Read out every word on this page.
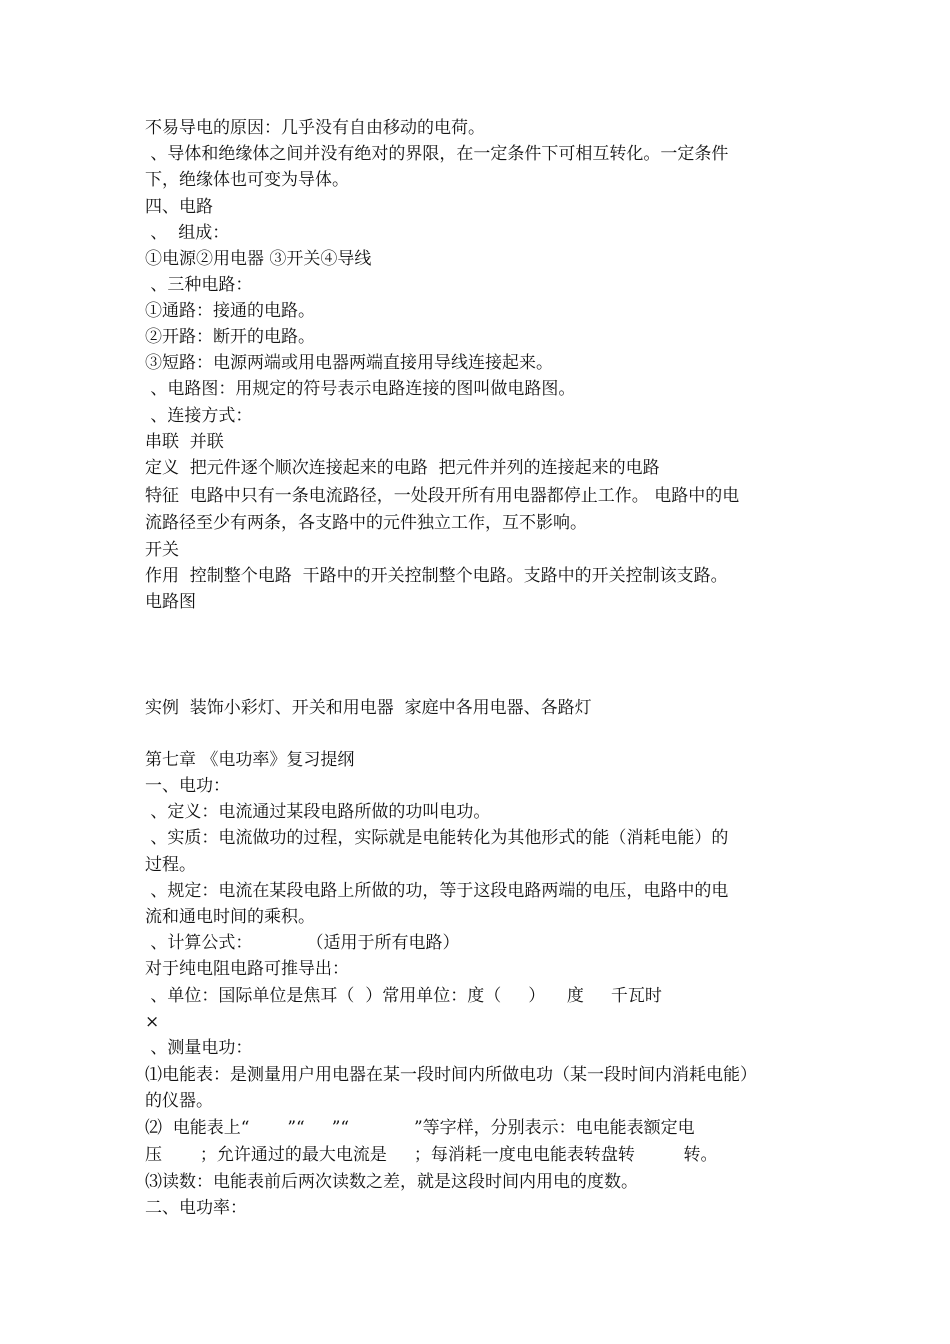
不易导电的原因：几乎没有自由移动的电荷。
、导体和绝缘体之间并没有绝对的界限，在一定条件下可相互转化。一定条件
下，绝缘体也可变为导体。
四、电路
、  组成：
①电源②用电器 ③开关④导线
、三种电路：
①通路：接通的电路。
②开路：断开的电路。
③短路：电源两端或用电器两端直接用导线连接起来。
、电路图：用规定的符号表示电路连接的图叫做电路图。
、连接方式：
串联  并联
定义  把元件逐个顺次连接起来的电路  把元件并列的连接起来的电路
特征  电路中只有一条电流路径，一处段开所有用电器都停止工作。 电路中的电
流路径至少有两条，各支路中的元件独立工作，互不影响。
开关
作用  控制整个电路  干路中的开关控制整个电路。支路中的开关控制该支路。
电路图
实例  装饰小彩灯、开关和用电器  家庭中各用电器、各路灯
第七章 《电功率》复习提纲
一、电功：
、定义：电流通过某段电路所做的功叫电功。
、实质：电流做功的过程，实际就是电能转化为其他形式的能（消耗电能）的
过程。
、规定：电流在某段电路上所做的功，等于这段电路两端的电压，电路中的电
流和通电时间的乘积。
、计算公式：          （适用于所有电路）
对于纯电阻电路可推导出：
、单位：国际单位是焦耳（  ）常用单位：度（     ）    度     千瓦时
×
、测量电功：
⑴电能表：是测量用户用电器在某一段时间内所做电功（某一段时间内消耗电能）
的仪器。
⑵  电能表上“       ”“     ”“            ”等字样，分别表示：电电能表额定电
压       ；允许通过的最大电流是     ；每消耗一度电电能表转盘转         转。
⑶读数：电能表前后两次读数之差，就是这段时间内用电的度数。
二、电功率：
